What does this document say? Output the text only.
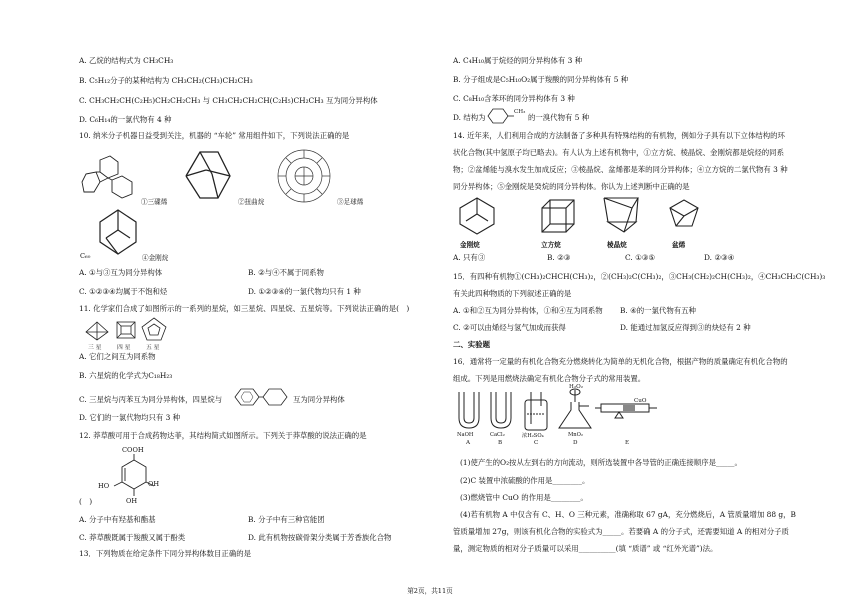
A. 乙烷的结构式为 CH₃CH₃
B. C₅H₁₂分子的某种结构为 CH₃CH₂(CH₃)CH₂CH₃
C. CH₃CH₂CH(C₂H₅)CH₂CH₂CH₃ 与 CH₃CH₂CH₂CH(C₂H₅)CH₂CH₃ 互为同分异构体
D. C₆H₁₄的一氯代物有 4 种
10. 纳米分子机器日益受到关注，机器的 “车轮” 常用组件如下，下列说法正确的是
①三碟烯	②扭曲烷	③足球烯
C₆₀	④金刚烷
A. ①与③互为同分异构体	B. ②与④不属于同系物
C. ①②③④均属于不饱和烃	D. ①②③④的一氯代物均只有 1 种
11. 化学家们合成了如图所示的一系列的星烷，如三星烷、四星烷、五星烷等。下列说法正确的是(　)
三 星	四 星	五 星
A. 它们之间互为同系物
B. 六星烷的化学式为C₁₈H₂₃
C. 三星烷与丙苯互为同分异构体，四星烷与	互为同分异构体
D. 它们的一氯代物均只有 3 种
12. 莽草酸可用于合成药物达菲，其结构简式如图所示。下列关于莽草酸的说法正确的是
COOH
HO	OH
OH
(　)
A. 分子中有羟基和酯基	B. 分子中有三种官能团
C. 莽草酸既属于羧酸又属于酚类	D. 此有机物按碳骨架分类属于芳香族化合物
13．下列物质在给定条件下同分异构体数目正确的是
A. C₄H₁₀属于烷烃的同分异构体有 3 种
B. 分子组成是C₅H₁₀O₂属于羧酸的同分异构体有 5 种
C. C₈H₁₀含苯环的同分异构体有 3 种
D. 结构为
CH₃
的一溴代物有 5 种
14. 近年来，人们利用合成的方法制备了多种具有特殊结构的有机物，例如分子具有以下立体结构的环
状化合物(其中氢原子均已略去)。有人认为上述有机物中，①立方烷、棱晶烷、金刚烷都是烷烃的同系
物；②盆烯能与溴水发生加成反应；③棱晶烷、盆烯都是苯的同分异构体；④立方烷的二氯代物有 3 种
同分异构体；⑤金刚烷是癸烷的同分异构体。你认为上述判断中正确的是
金刚烷	立方烷	棱晶烷	盆烯
A. 只有③	B. ②③	C. ①③⑤	D. ②③④
15．有四种有机物①(CH₃)₂CHCH(CH₃)₂，②(CH₃)₂C(CH₃)₂，③CH₃(CH₂)₂CH(CH₃)₂，④CH₃CH₂C(CH₃)₃
有关此四种物质的下列叙述正确的是
A. ①和②互为同分异构体，①和④互为同系物 B. ④的一氯代物有五种
C. ②可以由烯烃与氢气加成而获得	D. 能通过加氢反应得到③的炔烃有 2 种
二、实验题
16．通常将一定量的有机化合物充分燃烧转化为简单的无机化合物，根据产物的质量确定有机化合物的
组成。下列是用燃烧法确定有机化合物分子式的常用装置。
H₂O₂
CuO
NaOH	CaCl₂	浓H₂SO₄	MnO₂
A	B	C	D	E
(1)使产生的O₂按从左到右的方向流动，则所选装置中各导管的正确连接顺序是_____。
(2)C 装置中浓硫酸的作用是________。
(3)燃烧管中 CuO 的作用是________。
(4)若有机物 A 中仅含有 C、H、O 三种元素，准确称取 67 gA，充分燃烧后，A 管质量增加 88 g，B
管质量增加 27g，则该有机化合物的实验式为_____。若要确 A 的分子式，还需要知道 A 的相对分子质
量，测定物质的相对分子质量可以采用__________(填 “质谱” 或 “红外光谱”)法。
第2页，共11页
